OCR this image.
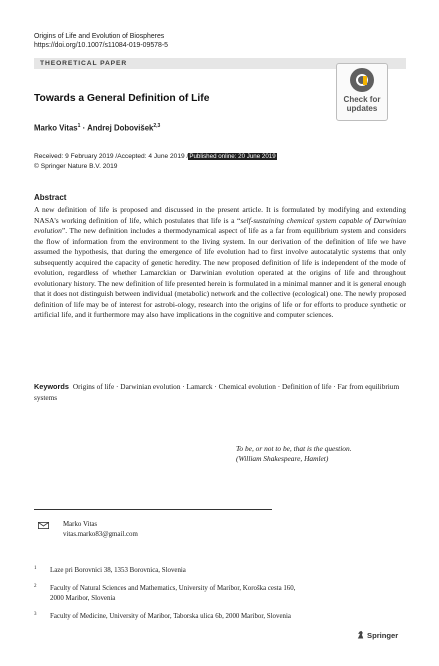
Origins of Life and Evolution of Biospheres
https://doi.org/10.1007/s11084-019-09578-5
THEORETICAL PAPER
Check for
updates
Towards a General Definition of Life
Marko Vitas$^1$ · Andrej Dobovišek$^{2,3}$
Received: 9 February 2019 /Accepted: 4 June 2019 /Published online: 20 June 2019
© Springer Nature B.V. 2019
Abstract

A new definition of life is proposed and discussed in the present article. It is formulated by modifying and extending NASA's working definition of life, which postulates that life is a “self-sustaining chemical system capable of Darwinian evolution”. The new definition includes a thermodynamical aspect of life as a far from equilibrium system and considers the flow of information from the environment to the living system. In our derivation of the definition of life we have assumed the hypothesis, that during the emergence of life evolution had to first involve autocatalytic systems that only subsequently acquired the capacity of genetic heredity. The new proposed definition of life is independent of the mode of evolution, regardless of whether Lamarckian or Darwinian evolution operated at the origins of life and throughout evolutionary history. The new definition of life presented herein is formulated in a minimal manner and it is general enough that it does not distinguish between individual (metabolic) network and the collective (ecological) one. The newly proposed definition of life may be of interest for astrobi-ology, research into the origins of life or for efforts to produce synthetic or artificial life, and it furthermore may also have implications in the cognitive and computer sciences.

Keywords Origins of life · Darwinian evolution · Lamarck · Chemical evolution · Definition of life · Far from equilibrium systems
To be, or not to be, that is the question.
(William Shakespeare, Hamlet)
Marko Vitas
vitas.marko83@gmail.com
1 Laze pri Borovnici 38, 1353 Borovnica, Slovenia
2 Faculty of Natural Sciences and Mathematics, University of Maribor, Koroška cesta 160,
2000 Maribor, Slovenia
3 Faculty of Medicine, University of Maribor, Taborska ulica 6b, 2000 Maribor, Slovenia
Springer
